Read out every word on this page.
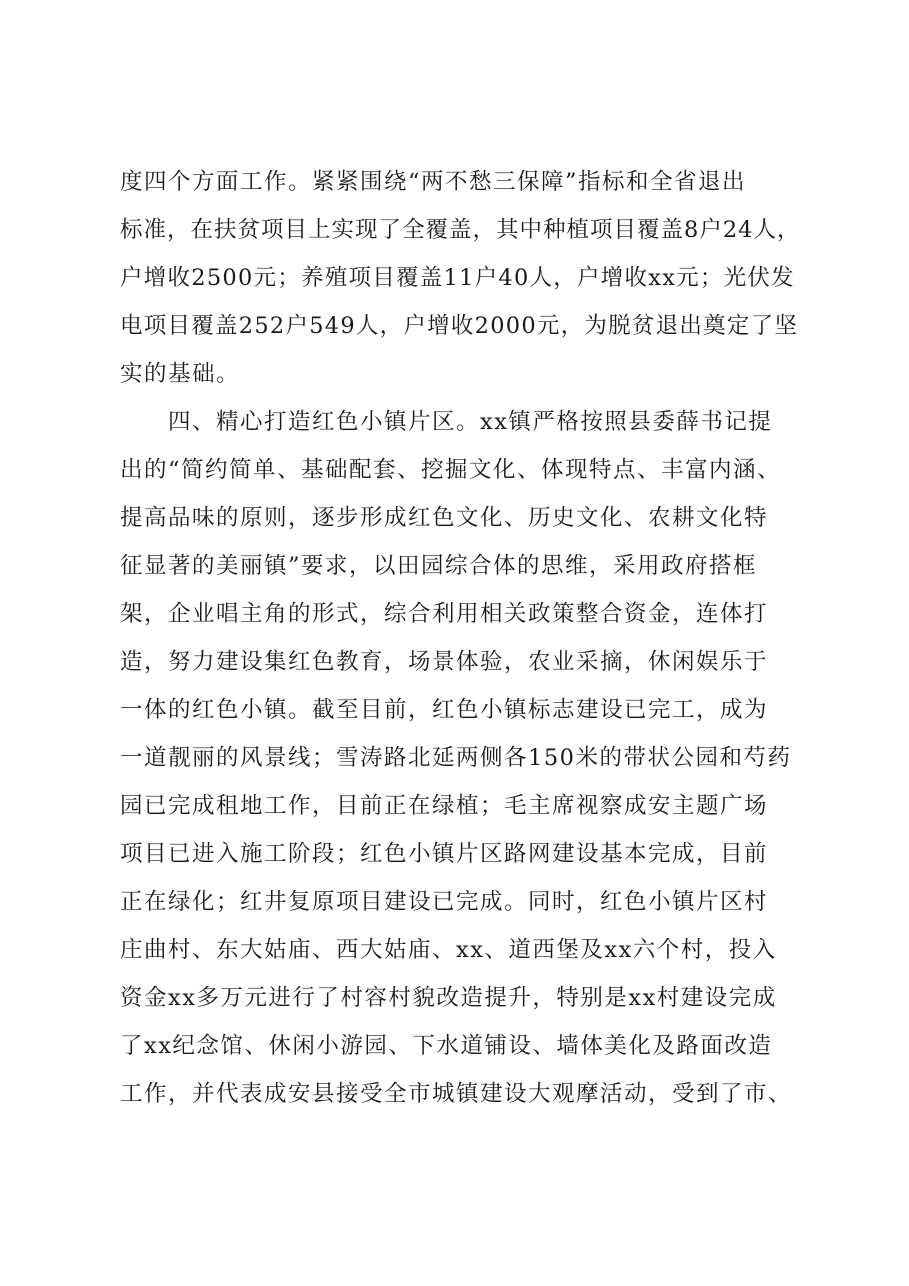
度四个方面工作。紧紧围绕“两不愁三保障”指标和全省退出

标准，在扶贫项目上实现了全覆盖，其中种植项目覆盖8户24人，

户增收2500元；养殖项目覆盖11户40人，户增收xx元；光伏发

电项目覆盖252户549人，户增收2000元，为脱贫退出奠定了坚

实的基础。

四、精心打造红色小镇片区。xx镇严格按照县委薛书记提

出的“简约简单、基础配套、挖掘文化、体现特点、丰富内涵、

提高品味的原则，逐步形成红色文化、历史文化、农耕文化特

征显著的美丽镇”要求，以田园综合体的思维，采用政府搭框

架，企业唱主角的形式，综合利用相关政策整合资金，连体打

造，努力建设集红色教育，场景体验，农业采摘，休闲娱乐于

一体的红色小镇。截至目前，红色小镇标志建设已完工，成为

一道靓丽的风景线；雪涛路北延两侧各150米的带状公园和芍药

园已完成租地工作，目前正在绿植；毛主席视察成安主题广场

项目已进入施工阶段；红色小镇片区路网建设基本完成，目前

正在绿化；红井复原项目建设已完成。同时，红色小镇片区村

庄曲村、东大姑庙、西大姑庙、xx、道西堡及xx六个村，投入

资金xx多万元进行了村容村貌改造提升，特别是xx村建设完成

了xx纪念馆、休闲小游园、下水道铺设、墙体美化及路面改造

工作，并代表成安县接受全市城镇建设大观摩活动，受到了市、
